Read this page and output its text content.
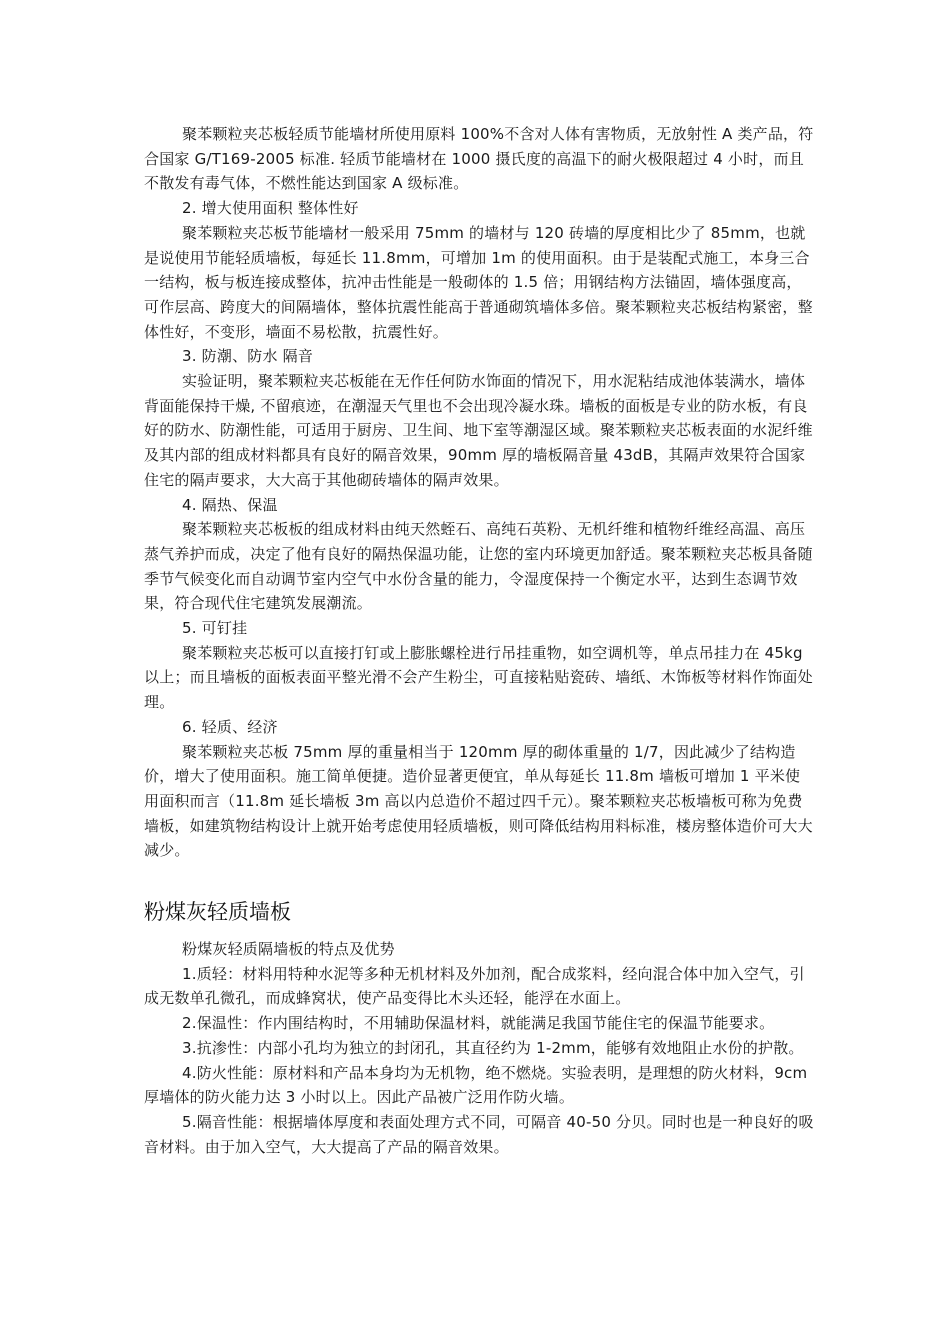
聚苯颗粒夹芯板轻质节能墙材所使用原料 100%不含对人体有害物质，无放射性 A 类产品，符合国家 G/T169-2005 标准. 轻质节能墙材在 1000 摄氏度的高温下的耐火极限超过 4 小时，而且不散发有毒气体，不燃性能达到国家 A 级标准。

2. 增大使用面积 整体性好

聚苯颗粒夹芯板节能墙材一般采用 75mm 的墙材与 120 砖墙的厚度相比少了 85mm，也就是说使用节能轻质墙板，每延长 11.8mm，可增加 1m 的使用面积。由于是装配式施工，本身三合一结构，板与板连接成整体，抗冲击性能是一般砌体的 1.5 倍；用钢结构方法锚固，墙体强度高，可作层高、跨度大的间隔墙体，整体抗震性能高于普通砌筑墙体多倍。聚苯颗粒夹芯板结构紧密，整体性好，不变形，墙面不易松散，抗震性好。

3. 防潮、防水 隔音

实验证明，聚苯颗粒夹芯板能在无作任何防水饰面的情况下，用水泥粘结成池体装满水，墙体背面能保持干燥, 不留痕迹，在潮湿天气里也不会出现冷凝水珠。墙板的面板是专业的防水板，有良好的防水、防潮性能，可适用于厨房、卫生间、地下室等潮湿区域。聚苯颗粒夹芯板表面的水泥纤维及其内部的组成材料都具有良好的隔音效果，90mm 厚的墙板隔音量 43dB，其隔声效果符合国家住宅的隔声要求，大大高于其他砌砖墙体的隔声效果。

4. 隔热、保温

聚苯颗粒夹芯板板的组成材料由纯天然蛭石、高纯石英粉、无机纤维和植物纤维经高温、高压蒸气养护而成，决定了他有良好的隔热保温功能，让您的室内环境更加舒适。聚苯颗粒夹芯板具备随季节气候变化而自动调节室内空气中水份含量的能力，令湿度保持一个衡定水平，达到生态调节效果，符合现代住宅建筑发展潮流。

5. 可钉挂

聚苯颗粒夹芯板可以直接打钉或上膨胀螺栓进行吊挂重物，如空调机等，单点吊挂力在 45kg 以上；而且墙板的面板表面平整光滑不会产生粉尘，可直接粘贴瓷砖、墙纸、木饰板等材料作饰面处理。

6. 轻质、经济

聚苯颗粒夹芯板 75mm 厚的重量相当于 120mm 厚的砌体重量的 1/7，因此减少了结构造价，增大了使用面积。施工简单便捷。造价显著更便宜，单从每延长 11.8m 墙板可增加 1 平米使用面积而言（11.8m 延长墙板 3m 高以内总造价不超过四千元）。聚苯颗粒夹芯板墙板可称为免费墙板，如建筑物结构设计上就开始考虑使用轻质墙板，则可降低结构用料标准，楼房整体造价可大大减少。

粉煤灰轻质墙板

粉煤灰轻质隔墙板的特点及优势

1.质轻：材料用特种水泥等多种无机材料及外加剂，配合成浆料，经向混合体中加入空气，引成无数单孔微孔，而成蜂窝状，使产品变得比木头还轻，能浮在水面上。

2.保温性：作内围结构时，不用辅助保温材料，就能满足我国节能住宅的保温节能要求。

3.抗渗性：内部小孔均为独立的封闭孔，其直径约为 1-2mm，能够有效地阻止水份的护散。

4.防火性能：原材料和产品本身均为无机物，绝不燃烧。实验表明，是理想的防火材料，9cm 厚墙体的防火能力达 3 小时以上。因此产品被广泛用作防火墙。

5.隔音性能：根据墙体厚度和表面处理方式不同，可隔音 40-50 分贝。同时也是一种良好的吸音材料。由于加入空气，大大提高了产品的隔音效果。
